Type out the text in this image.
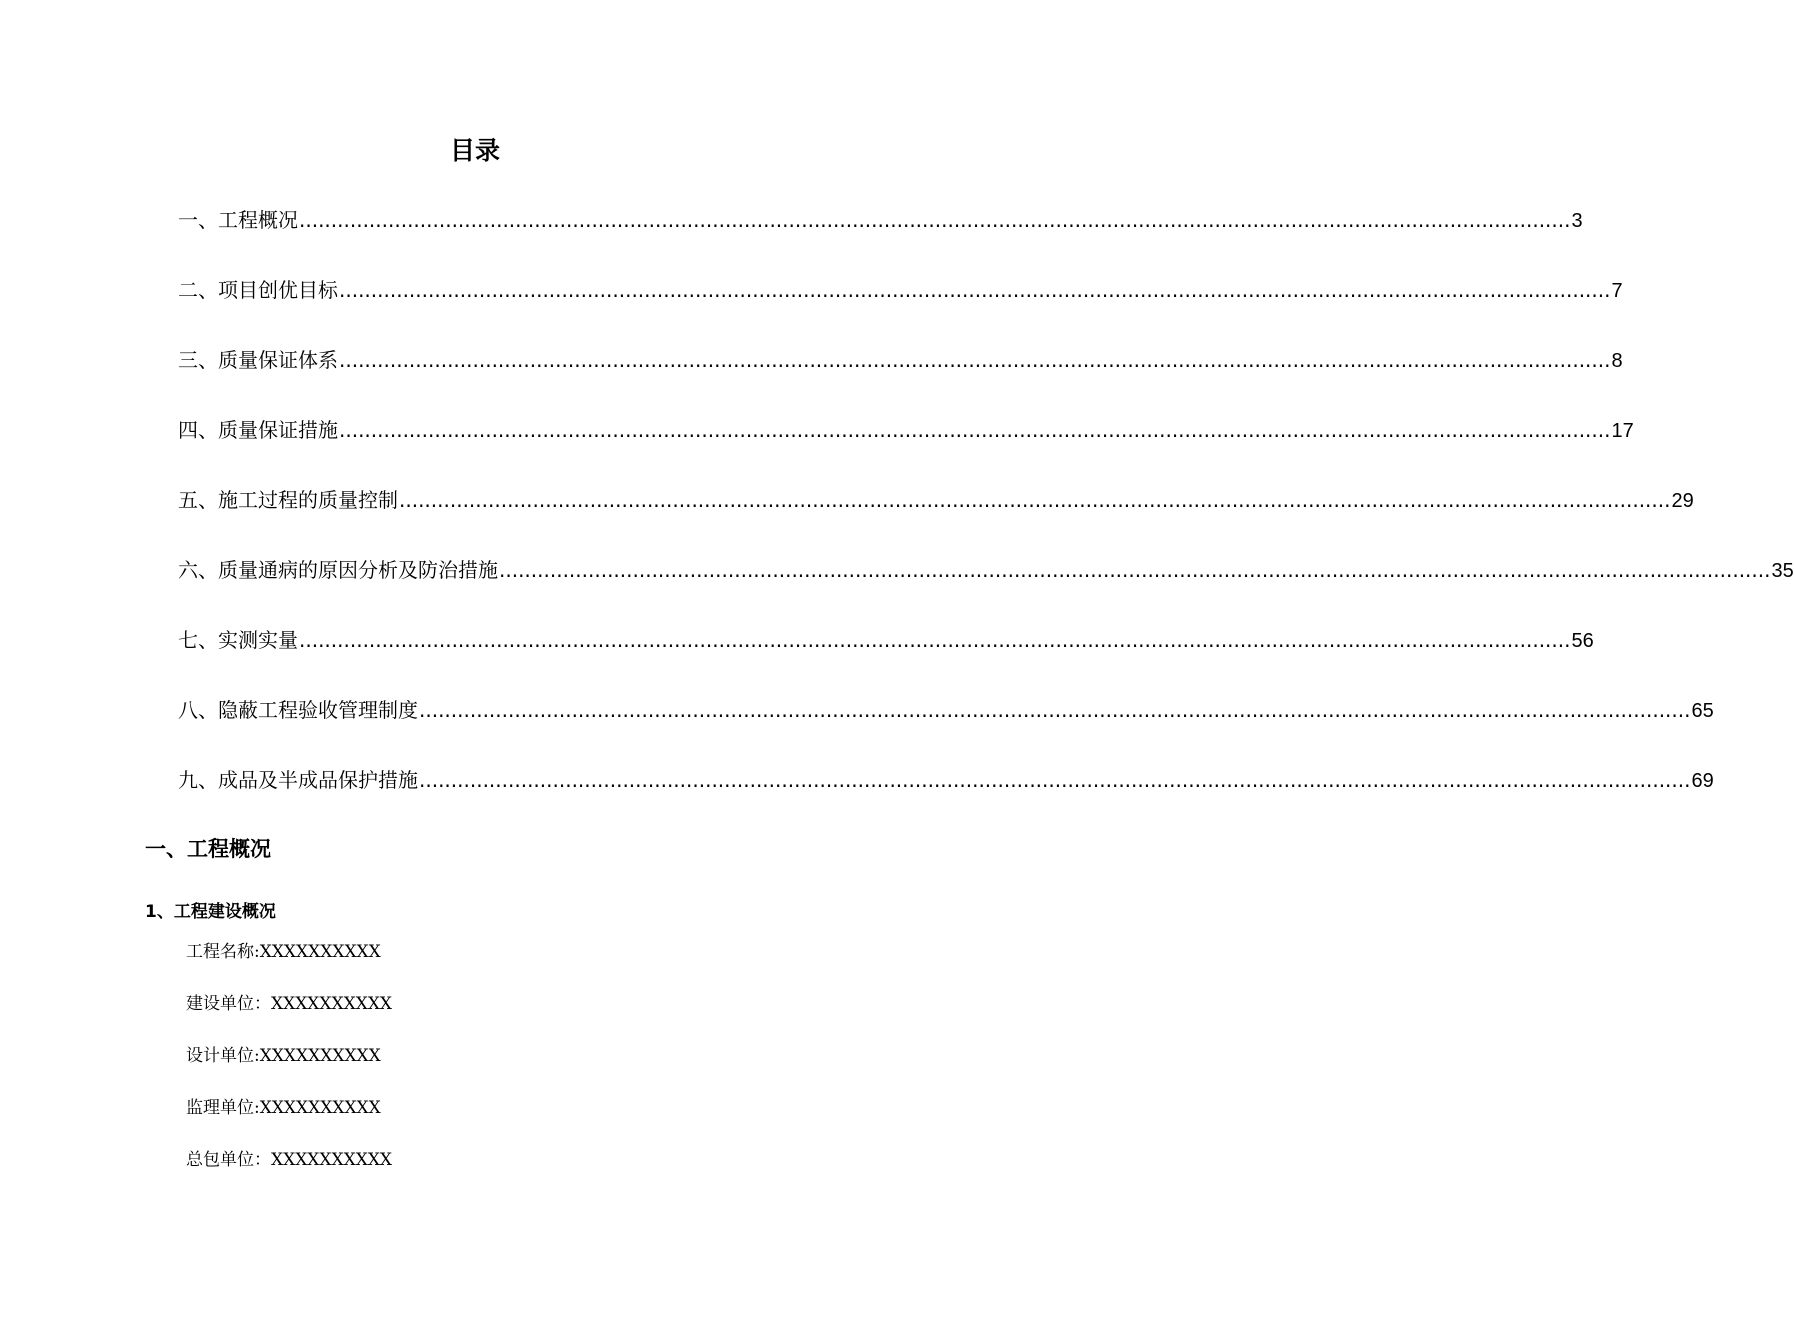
目录
一、工程概况 ........................................................................................................................................................................................................ 3
二、项目创优目标 ........................................................................................................................................................................................................ 7
三、质量保证体系 ........................................................................................................................................................................................................ 8
四、质量保证措施 ........................................................................................................................................................................................................ 17
五、施工过程的质量控制 ........................................................................................................................................................................................................ 29
六、质量通病的原因分析及防治措施 ........................................................................................................................................................................................................ 35
七、实测实量 ........................................................................................................................................................................................................ 56
八、隐蔽工程验收管理制度 ........................................................................................................................................................................................................ 65
九、成品及半成品保护措施 ........................................................................................................................................................................................................ 69
一、工程概况
1、工程建设概况
工程名称:XXXXXXXXXX
建设单位：XXXXXXXXXX
设计单位:XXXXXXXXXX
监理单位:XXXXXXXXXX
总包单位：XXXXXXXXXX
